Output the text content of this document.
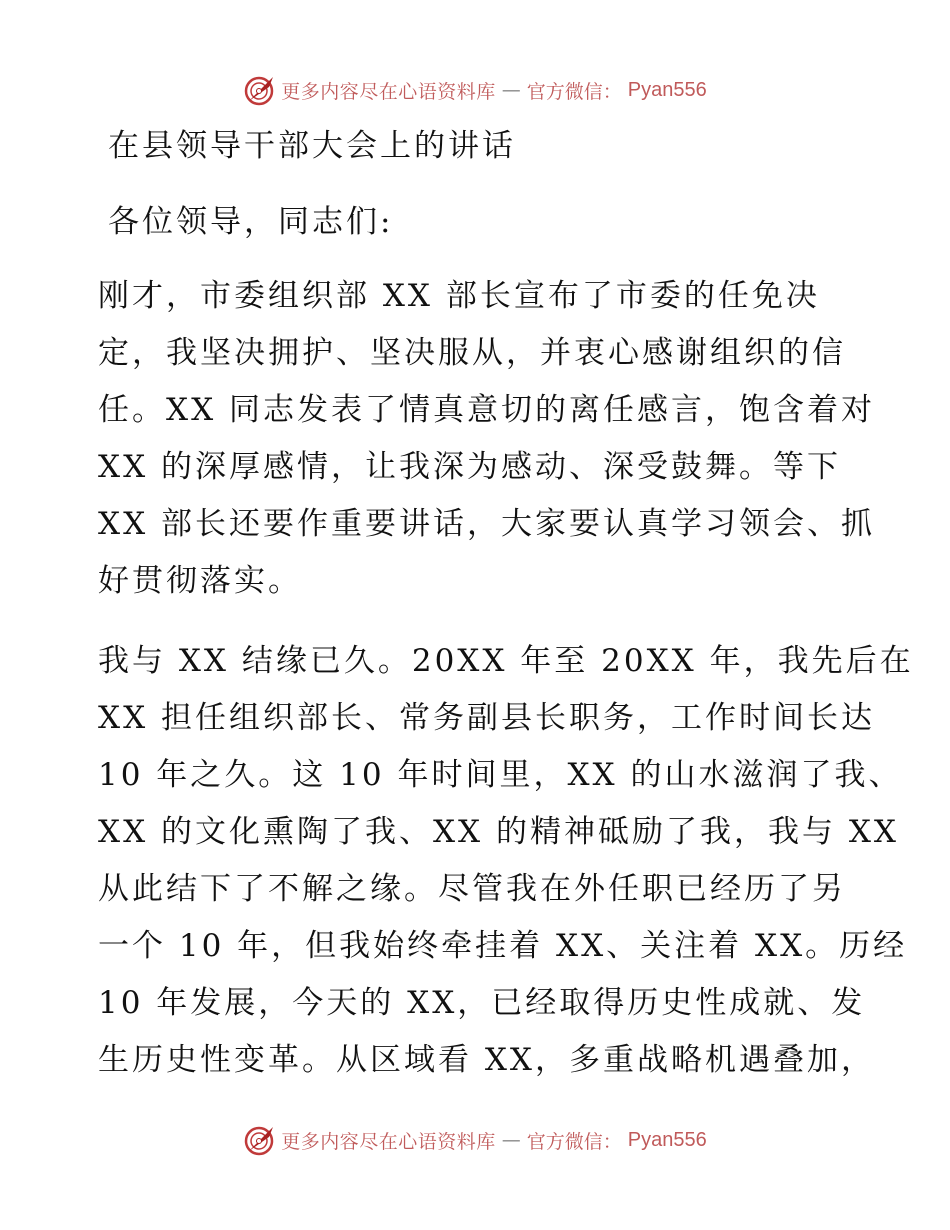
更多内容尽在心语资料库 — 官方微信： Pyan556
在县领导干部大会上的讲话
各位领导，同志们:
刚才，市委组织部 XX 部长宣布了市委的任免决
定，我坚决拥护、坚决服从，并衷心感谢组织的信
任。XX 同志发表了情真意切的离任感言，饱含着对
XX 的深厚感情，让我深为感动、深受鼓舞。等下
XX 部长还要作重要讲话，大家要认真学习领会、抓
好贯彻落实。
我与 XX 结缘已久。20XX 年至 20XX 年，我先后在
XX 担任组织部长、常务副县长职务，工作时间长达
10 年之久。这 10 年时间里，XX 的山水滋润了我、
XX 的文化熏陶了我、XX 的精神砥励了我，我与 XX
从此结下了不解之缘。尽管我在外任职已经历了另
一个 10 年，但我始终牵挂着 XX、关注着 XX。历经
10 年发展，今天的 XX，已经取得历史性成就、发
生历史性变革。从区域看 XX，多重战略机遇叠加，
更多内容尽在心语资料库 — 官方微信： Pyan556
